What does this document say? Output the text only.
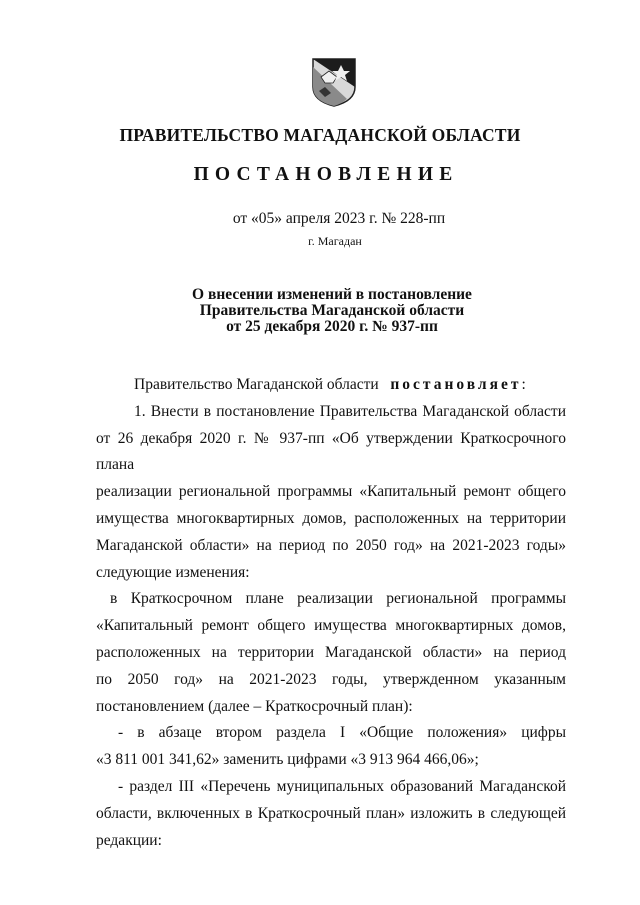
ПРАВИТЕЛЬСТВО МАГАДАНСКОЙ ОБЛАСТИ
ПОСТАНОВЛЕНИЕ
от «05» апреля 2023 г. № 228-пп
г. Магадан
О внесении изменений в постановление
Правительства Магаданской области
от 25 декабря 2020 г. № 937-пп

Правительство Магаданской области постановляет:

1. Внести в постановление Правительства Магаданской области
от 26 декабря 2020 г. № 937-пп «Об утверждении Краткосрочного плана
реализации региональной программы «Капитальный ремонт общего
имущества многоквартирных домов, расположенных на территории
Магаданской области» на период по 2050 год» на 2021-2023 годы»
следующие изменения:
в Краткосрочном плане реализации региональной программы
«Капитальный ремонт общего имущества многоквартирных домов,
расположенных на территории Магаданской области» на период
по 2050 год» на 2021-2023 годы, утвержденном указанным
постановлением (далее – Краткосрочный план):
- в абзаце втором раздела I «Общие положения» цифры
«3 811 001 341,62» заменить цифрами «3 913 964 466,06»;
- раздел III «Перечень муниципальных образований Магаданской
области, включенных в Краткосрочный план» изложить в следующей
редакции:
